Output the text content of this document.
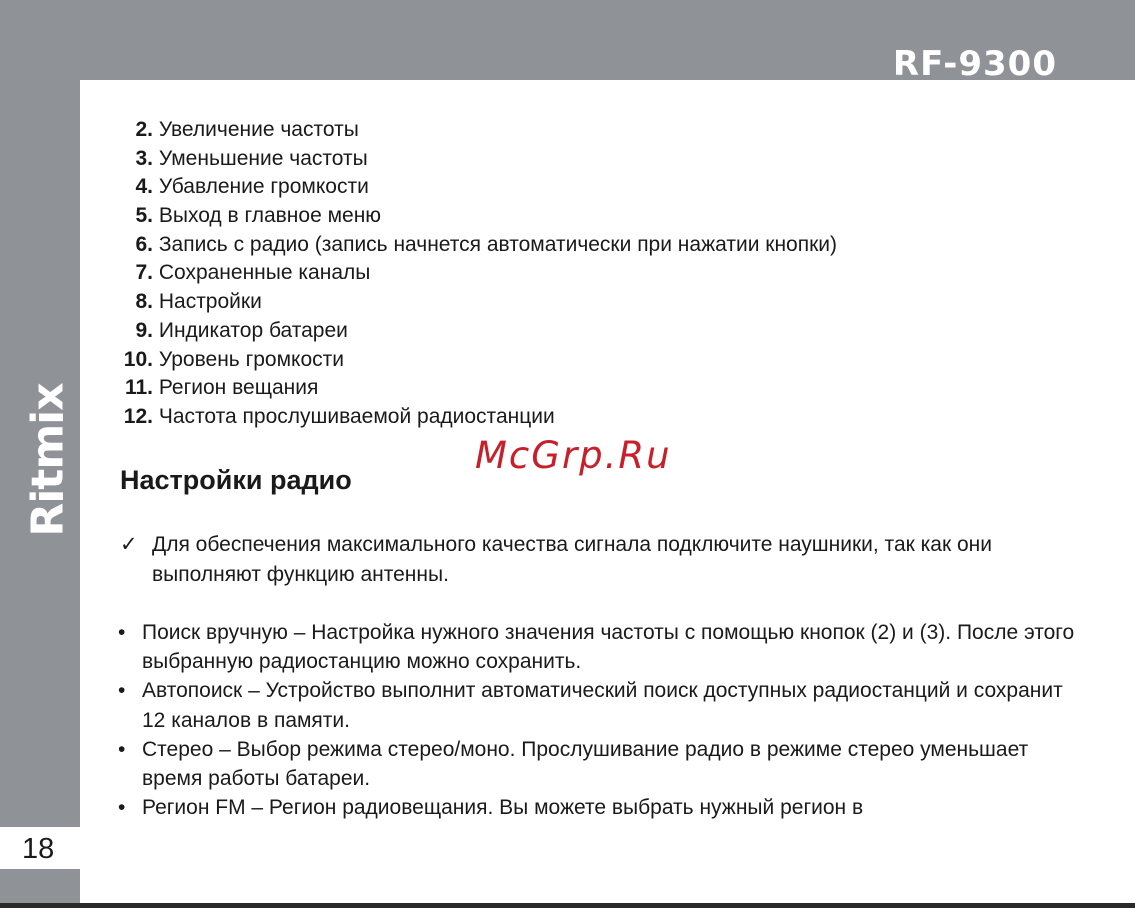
RF-9300
Ritmix
18
2. Увеличение частоты
3. Уменьшение частоты
4. Убавление громкости
5. Выход в главное меню
6. Запись с радио (запись начнется автоматически при нажатии кнопки)
7. Сохраненные каналы
8. Настройки
9. Индикатор батареи
10. Уровень громкости
11. Регион вещания
12. Частота прослушиваемой радиостанции
McGrp.Ru
Настройки радио
✓ Для обеспечения максимального качества сигнала подключите наушники, так как они выполняют функцию антенны.
• Поиск вручную – Настройка нужного значения частоты с помощью кнопок (2) и (3). После этого выбранную радиостанцию можно сохранить.
• Автопоиск – Устройство выполнит автоматический поиск доступных радиостанций и сохранит 12 каналов в памяти.
• Стерео – Выбор режима стерео/моно. Прослушивание радио в режиме стерео уменьшает время работы батареи.
• Регион FM – Регион радиовещания. Вы можете выбрать нужный регион в
